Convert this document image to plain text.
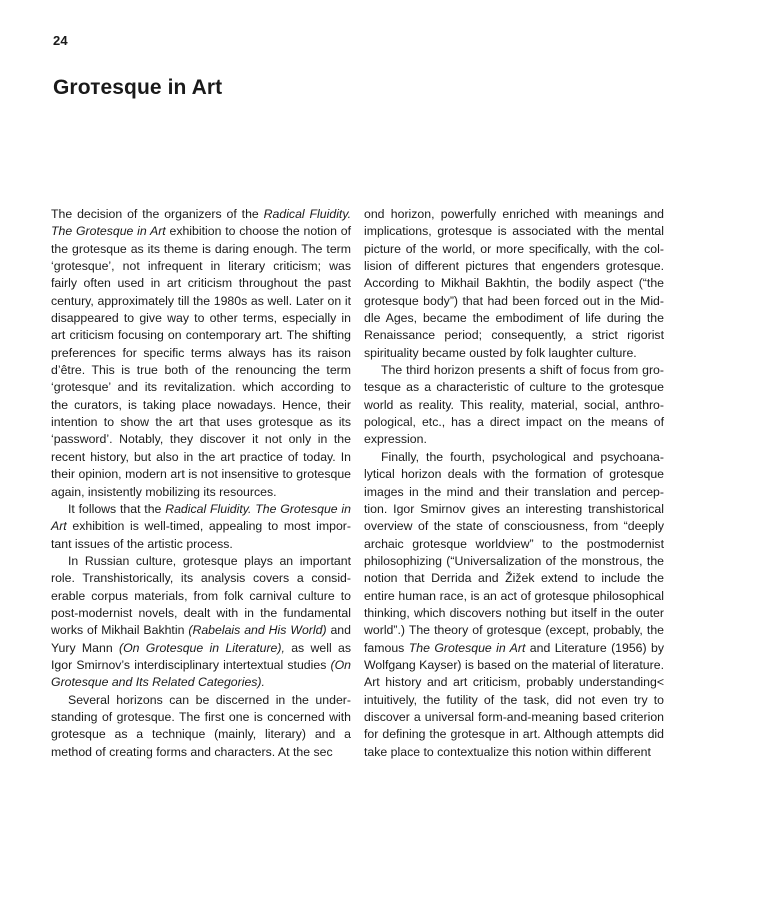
24
Grотеsque in Art

The decision of the organizers of the Radical Fluidity. The Grotesque in Art exhibition to choose the notion of the grotesque as its theme is daring enough. The term ‘grotesque’, not infrequent in literary criticism; was fairly often used in art criticism throughout the past century, approximately till the 1980s as well. Later on it disappeared to give way to other terms, especially in art criticism focusing on contemporary art. The shifting preferences for specific terms always has its raison d’être. This is true both of the renouncing the term ‘grotesque’ and its revitalization. which according to the curators, is taking place nowadays. Hence, their intention to show the art that uses grotesque as its ‘password’. Notably, they discover it not only in the recent history, but also in the art practice of today. In their opinion, modern art is not insensitive to grotesque again, insistently mobilizing its resources.

It follows that the Radical Fluidity. The Grotesque in Art exhibition is well-timed, appealing to most important issues of the artistic process.

In Russian culture, grotesque plays an important role. Transhistorically, its analysis covers a considerable corpus materials, from folk carnival culture to post-modernist novels, dealt with in the fundamental works of Mikhail Bakhtin (Rabelais and His World) and Yury Mann (On Grotesque in Literature), as well as Igor Smirnov’s interdisciplinary intertextual studies (On Grotesque and Its Related Categories).

Several horizons can be discerned in the understanding of grotesque. The first one is concerned with grotesque as a technique (mainly, literary) and a method of creating forms and characters. At the sec

ond horizon, powerfully enriched with meanings and implications, grotesque is associated with the mental picture of the world, or more specifically, with the collision of different pictures that engenders grotesque. According to Mikhail Bakhtin, the bodily aspect (“the grotesque body”) that had been forced out in the Middle Ages, became the embodiment of life during the Renaissance period; consequently, a strict rigorist spirituality became ousted by folk laughter culture.

The third horizon presents a shift of focus from grotesque as a characteristic of culture to the grotesque world as reality. This reality, material, social, anthropological, etc., has a direct impact on the means of expression.

Finally, the fourth, psychological and psychoanalytical horizon deals with the formation of grotesque images in the mind and their translation and perception. Igor Smirnov gives an interesting transhistorical overview of the state of consciousness, from “deeply archaic grotesque worldview” to the postmodernist philosophizing (“Universalization of the monstrous, the notion that Derrida and Žižek extend to include the entire human race, is an act of grotesque philosophical thinking, which discovers nothing but itself in the outer world”.) The theory of grotesque (except, probably, the famous The Grotesque in Art and Literature (1956) by Wolfgang Kayser) is based on the material of literature. Art history and art criticism, probably understanding< intuitively, the futility of the task, did not even try to discover a universal form-and-meaning based criterion for defining the grotesque in art. Although attempts did take place to contextualize this notion within different
